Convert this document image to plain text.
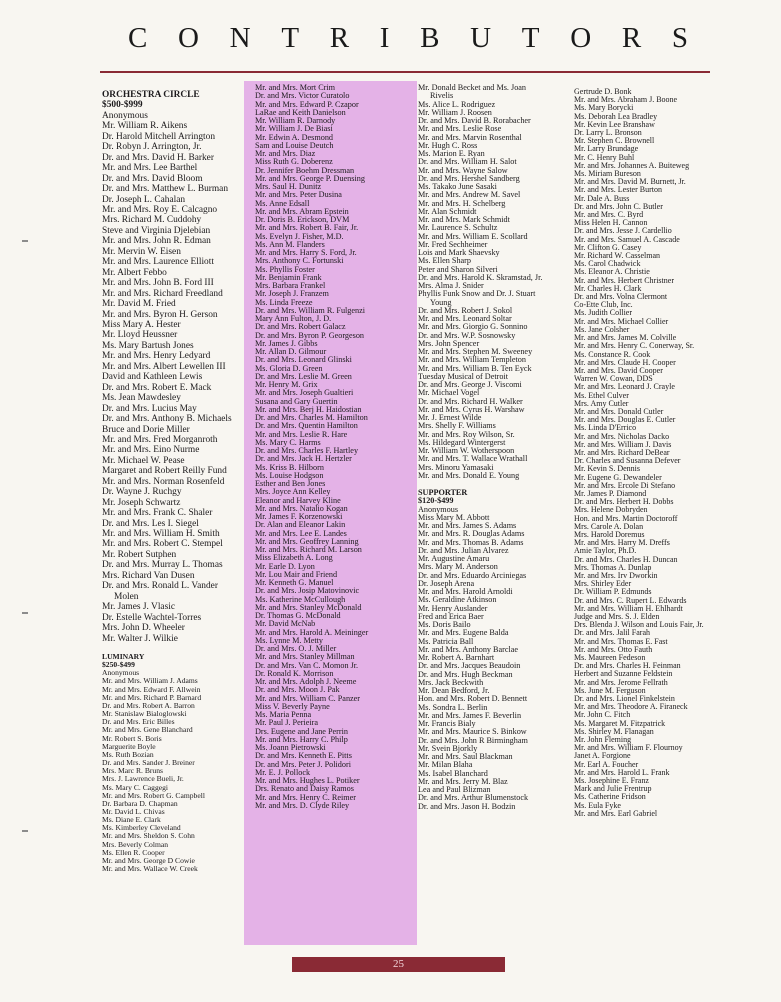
C O N T R I B U T O R S
ORCHESTRA CIRCLE
$500-$999
Anonymous
Mr. William R. Aikens
Dr. Harold Mitchell Arrington
Dr. Robyn J. Arrington, Jr.
Dr. and Mrs. David H. Barker
Mr. and Mrs. Lee Barthel
Dr. and Mrs. David Bloom
Dr. and Mrs. Matthew L. Burman
Dr. Joseph L. Cahalan
Mr. and Mrs. Roy E. Calcagno
Mrs. Richard M. Cuddohy
Steve and Virginia Djelebian
Mr. and Mrs. John R. Edman
Mr. Mervin W. Eisen
Mr. and Mrs. Laurence Elliott
Mr. Albert Febbo
Mr. and Mrs. John B. Ford III
Mr. and Mrs. Richard Freedland
Mr. David M. Fried
Mr. and Mrs. Byron H. Gerson
Miss Mary A. Hester
Mr. Lloyd Heussner
Ms. Mary Bartush Jones
Mr. and Mrs. Henry Ledyard
Mr. and Mrs. Albert Lewellen III
David and Kathleen Lewis
Dr. and Mrs. Robert E. Mack
Ms. Jean Mawdesley
Dr. and Mrs. Lucius May
Dr. and Mrs. Anthony B. Michaels
Bruce and Dorie Miller
Mr. and Mrs. Fred Morganroth
Mr. and Mrs. Eino Nurme
Mr. Michael W. Pease
Margaret and Robert Reilly Fund
Mr. and Mrs. Norman Rosenfeld
Dr. Wayne J. Ruchgy
Mr. Joseph Schwartz
Mr. and Mrs. Frank C. Shaler
Dr. and Mrs. Les I. Siegel
Mr. and Mrs. William H. Smith
Mr. and Mrs. Robert C. Stempel
Mr. Robert Sutphen
Dr. and Mrs. Murray L. Thomas
Mrs. Richard Van Dusen
Dr. and Mrs. Ronald L. Vander
Molen
Mr. James J. Vlasic
Dr. Estelle Wachtel-Torres
Mrs. John D. Wheeler
Mr. Walter J. Wilkie
LUMINARY
$250-$499
Anonymous
Mr. and Mrs. William J. Adams
Mr. and Mrs. Edward F. Allwein
Mr. and Mrs. Richard P. Barnard
Dr. and Mrs. Robert A. Barron
Mr. Stanislaw Bialoglowski
Dr. and Mrs. Eric Billes
Mr. and Mrs. Gene Blanchard
Mr. Robert S. Boris
Marguerite Boyle
Ms. Ruth Bozian
Dr. and Mrs. Sander J. Breiner
Mrs. Marc R. Bruns
Mrs. J. Lawrence Bueli, Jr.
Ms. Mary C. Caggegi
Mr. and Mrs. Robert G. Campbell
Dr. Barbara D. Chapman
Mr. David L. Chivas
Ms. Diane E. Clark
Ms. Kimberley Cleveland
Mr. and Mrs. Sheldon S. Cohn
Mrs. Beverly Colman
Ms. Ellen R. Cooper
Mr. and Mrs. George D Cowie
Mr. and Mrs. Wallace W. Creek
Mr. and Mrs. Mort Crim
Dr. and Mrs. Victor Curatolo
Mr. and Mrs. Edward P. Czapor
LaRae and Keith Danielson
Mr. William R. Darnody
Mr. William J. De Biasi
Mr. Edwin A. Desmond
Sam and Louise Deutch
Mr. and Mrs. Diaz
Miss Ruth G. Doberenz
Dr. Jennifer Boehm Dressman
Mr. and Mrs. George P. Duensing
Mrs. Saul H. Dunitz
Mr. and Mrs. Peter Dusina
Ms. Anne Edsall
Mr. and Mrs. Abram Epstein
Dr. Doris B. Erickson, DVM
Mr. and Mrs. Robert B. Fair, Jr.
Ms. Evelyn J. Fisher, M.D.
Ms. Ann M. Flanders
Mr. and Mrs. Harry S. Ford, Jr.
Mrs. Anthony C. Fortunski
Ms. Phyllis Foster
Mr. Benjamin Frank
Mrs. Barbara Frankel
Mr. Joseph J. Franzem
Ms. Linda Freeze
Dr. and Mrs. William R. Fulgenzi
Mary Ann Fulton, J. D.
Dr. and Mrs. Robert Galacz
Dr. and Mrs. Byron P. Georgeson
Mr. James J. Gibbs
Mr. Allan D. Gilmour
Dr. and Mrs. Leonard Glinski
Ms. Gloria D. Green
Dr. and Mrs. Leslie M. Green
Mr. Henry M. Grix
Mr. and Mrs. Joseph Gualtieri
Susana and Gary Guertin
Mr. and Mrs. Berj H. Haidostian
Dr. and Mrs. Charles M. Hamilton
Dr. and Mrs. Quentin Hamilton
Mr. and Mrs. Leslie R. Hare
Ms. Mary C. Harms
Dr. and Mrs. Charles F. Hartley
Dr. and Mrs. Jack H. Hertzler
Ms. Kriss B. Hilborn
Ms. Louise Hodgson
Esther and Ben Jones
Mrs. Joyce Ann Kelley
Eleanor and Harvey Kline
Mr. and Mrs. Natalio Kogan
Mr. James F. Korzenowski
Dr. Alan and Eleanor Lakin
Mr. and Mrs. Lee E. Landes
Mr. and Mrs. Geoffrey Lanning
Mr. and Mrs. Richard M. Larson
Miss Elizabeth A. Long
Mr. Earle D. Lyon
Mr. Lou Mair and Friend
Mr. Kenneth G. Manuel
Dr. and Mrs. Josip Matovinovic
Ms. Katherine McCullough
Mr. and Mrs. Stanley McDonald
Dr. Thomas G. McDonald
Mr. David McNab
Mr. and Mrs. Harold A. Meininger
Ms. Lynne M. Metty
Dr. and Mrs. O. J. Miller
Mr. and Mrs. Stanley Millman
Dr. and Mrs. Van C. Momon Jr.
Dr. Ronald K. Morrison
Mr. and Mrs. Adolph J. Neeme
Dr. and Mrs. Moon J. Pak
Mr. and Mrs. William C. Panzer
Miss V. Beverly Payne
Ms. Maria Penna
Mr. Paul J. Perieira
Drs. Eugene and Jane Perrin
Mr. and Mrs. Harry C. Philp
Ms. Joann Pietrowski
Dr. and Mrs. Kenneth E. Pitts
Dr. and Mrs. Peter J. Polidori
Mr. E. J. Pollock
Mr. and Mrs. Hughes L. Potiker
Drs. Renato and Daisy Ramos
Mr. and Mrs. Henry C. Reimer
Mr. and Mrs. D. Clyde Riley
Mr. Donald Becket and Ms. Joan
Rivelis
Ms. Alice L. Rodriguez
Mr. William J. Roosen
Dr. and Mrs. David B. Rorabacher
Mr. and Mrs. Leslie Rose
Mr. and Mrs. Marvin Rosenthal
Mr. Hugh C. Ross
Ms. Marion E. Ryan
Dr. and Mrs. William H. Salot
Mr. and Mrs. Wayne Salow
Dr. and Mrs. Hershel Sandberg
Ms. Takako June Sasaki
Mr. and Mrs. Andrew M. Savel
Mr. and Mrs. H. Schelberg
Mr. Alan Schmidt
Mr. and Mrs. Mark Schmidt
Mr. Laurence S. Schultz
Mr. and Mrs. William E. Scollard
Mr. Fred Sechheimer
Lois and Mark Shaevsky
Ms. Ellen Sharp
Peter and Sharon Silveri
Dr. and Mrs. Harold K. Skramstad, Jr.
Mrs. Alma J. Snider
Phyllis Funk Snow and Dr. J. Stuart
Young
Dr. and Mrs. Robert J. Sokol
Mr. and Mrs. Leonard Soltar
Mr. and Mrs. Giorgio G. Sonnino
Dr. and Mrs. W.P. Sosnowsky
Mrs. John Spencer
Mr. and Mrs. Stephen M. Sweeney
Mr. and Mrs. William Templeton
Mr. and Mrs. William B. Ten Eyck
Tuesday Musical of Detroit
Dr. and Mrs. George J. Viscomi
Mr. Michael Vogel
Dr. and Mrs. Richard H. Walker
Mr. and Mrs. Cyrus H. Warshaw
Mr. J. Ernest Wilde
Mrs. Shelly F. Williams
Mr. and Mrs. Roy Wilson, Sr.
Ms. Hildegard Wintergerst
Mr. William W. Wotherspoon
Mr. and Mrs. T. Wallace Wrathall
Mrs. Minoru Yamasaki
Mr. and Mrs. Donald E. Young
SUPPORTER
$120-$499
Anonymous
Miss Mary M. Abbott
Mr. and Mrs. James S. Adams
Mr. and Mrs. R. Douglas Adams
Mr. and Mrs. Thomas B. Adams
Dr. and Mrs. Julian Alvarez
Mr. Augustine Amaru
Mrs. Mary M. Anderson
Dr. and Mrs. Eduardo Arciniegas
Dr. Joseph Arena
Mr. and Mrs. Harold Arnoldi
Ms. Geraldine Atkinson
Mr. Henry Auslander
Fred and Erica Baer
Ms. Doris Bailo
Mr. and Mrs. Eugene Balda
Ms. Patricia Ball
Mr. and Mrs. Anthony Barclae
Mr. Robert A. Barnhart
Dr. and Mrs. Jacques Beaudoin
Dr. and Mrs. Hugh Beckman
Mrs. Jack Beckwith
Mr. Dean Bedford, Jr.
Hon. and Mrs. Robert D. Bennett
Ms. Sondra L. Berlin
Mr. and Mrs. James F. Beverlin
Mr. Francis Bialy
Mr. and Mrs. Maurice S. Binkow
Dr. and Mrs. John R Birmingham
Mr. Svein Bjorkly
Mr. and Mrs. Saul Blackman
Mr. Milan Blaha
Ms. Isabel Blanchard
Mr. and Mrs. Jerry M. Blaz
Lea and Paul Blizman
Dr. and Mrs. Arthur Blumenstock
Dr. and Mrs. Jason H. Bodzin
Gertrude D. Bonk
Mr. and Mrs. Abraham J. Boone
Ms. Mary Borycki
Ms. Deborah Lea Bradley
Mr. Kevin Lee Branshaw
Dr. Larry L. Bronson
Mr. Stephen C. Brownell
Mr. Larry Brundage
Mr. C. Henry Buhl
Mr. and Mrs. Johannes A. Buiteweg
Ms. Miriam Bureson
Mr. and Mrs. David M. Burnett, Jr.
Mr. and Mrs. Lester Burton
Mr. Dale A. Buss
Dr. and Mrs. John C. Butler
Mr. and Mrs. C. Byrd
Miss Helen H. Cannon
Dr. and Mrs. Jesse J. Cardellio
Mr. and Mrs. Samuel A. Cascade
Mr. Clifton G. Casey
Mr. Richard W. Casselman
Ms. Carol Chadwick
Ms. Eleanor A. Christie
Mr. and Mrs. Herbert Christner
Mr. Charles H. Clark
Dr. and Mrs. Volna Clermont
Co-Ette Club, Inc.
Ms. Judith Collier
Mr. and Mrs. Michael Collier
Ms. Jane Colsher
Mr. and Mrs. James M. Colville
Mr. and Mrs. Henry C. Conerway, Sr.
Ms. Constance R. Cook
Mr. and Mrs. Claude H. Cooper
Mr. and Mrs. David Cooper
Warren W. Cowan, DDS
Mr. and Mrs. Leonard J. Crayle
Ms. Ethel Culver
Mrs. Amy Cutler
Mr. and Mrs. Donald Cutler
Mr. and Mrs. Douglas E. Cutler
Ms. Linda D'Errico
Mr. and Mrs. Nicholas Dacko
Mr. and Mrs. William J. Davis
Mr. and Mrs. Richard DeBear
Dr. Charles and Susanna Defever
Mr. Kevin S. Dennis
Mr. Eugene G. Dewandeler
Mr. and Mrs. Ercole Di Stefano
Mr. James P. Diamond
Dr. and Mrs. Herbert H. Dobbs
Mrs. Helene Dobryden
Hon. and Mrs. Martin Doctoroff
Mrs. Carole A. Dolan
Mrs. Harold Doremus
Mr. and Mrs. Harry M. Dreffs
Amie Taylor, Ph.D.
Dr. and Mrs. Charles H. Duncan
Mrs. Thomas A. Dunlap
Mr. and Mrs. Irv Dworkin
Mrs. Shirley Eder
Dr. William P. Edmunds
Dr. and Mrs. C. Rupert L. Edwards
Mr. and Mrs. William H. Ehlhardt
Judge and Mrs. S. J. Elden
Drs. Blenda J. Wilson and Louis Fair, Jr.
Dr. and Mrs. Jalil Farah
Mr. and Mrs. Thomas E. Fast
Mr. and Mrs. Otto Fauth
Ms. Maureen Fedeson
Dr. and Mrs. Charles H. Feinman
Herbert and Suzanne Feldstein
Mr. and Mrs. Jerome Fellrath
Ms. June M. Ferguson
Dr. and Mrs. Lionel Finkelstein
Mr. and Mrs. Theodore A. Firaneck
Mr. John C. Fitch
Ms. Margaret M. Fitzpatrick
Ms. Shirley M. Flanagan
Mr. John Fleming
Mr. and Mrs. William F. Flournoy
Janet A. Forgione
Mr. Earl A. Foucher
Mr. and Mrs. Harold L. Frank
Ms. Josephine E. Franz
Mark and Julie Frentrup
Ms. Catherine Fridson
Ms. Eula Fyke
Mr. and Mrs. Earl Gabriel
25
